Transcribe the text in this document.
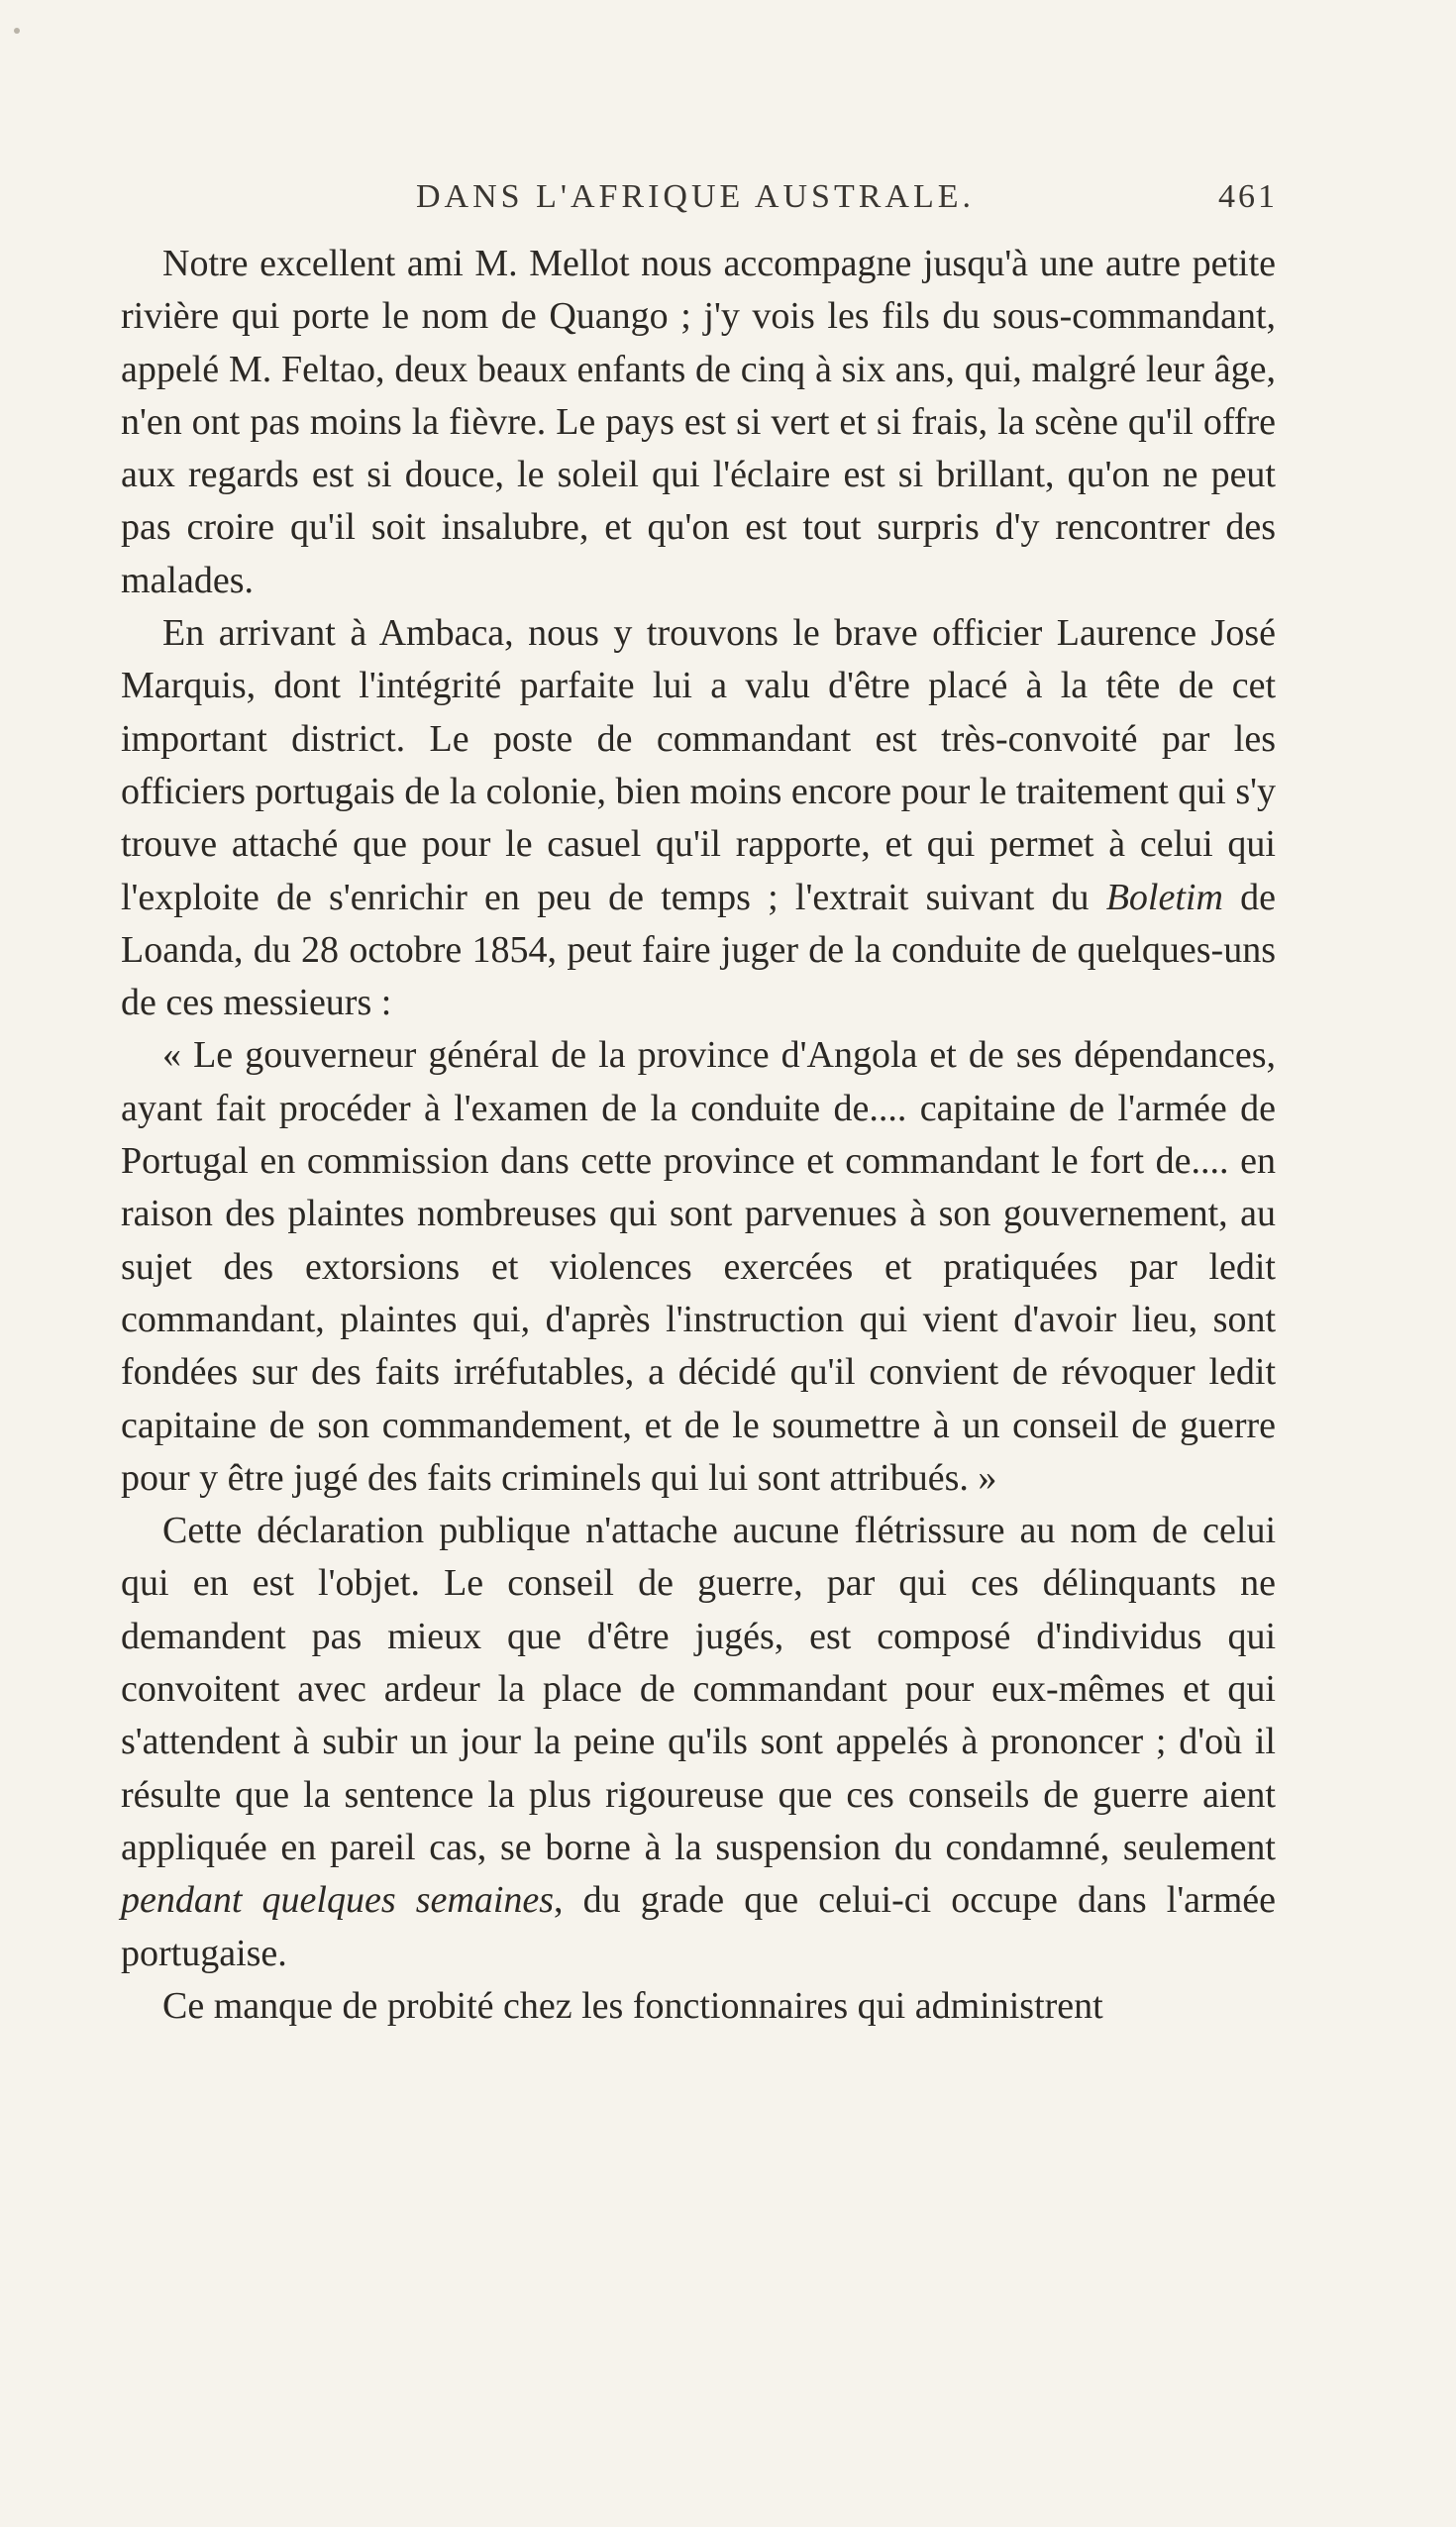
DANS L'AFRIQUE AUSTRALE.	461

Notre excellent ami M. Mellot nous accompagne jusqu'à une autre petite rivière qui porte le nom de Quango ; j'y vois les fils du sous-commandant, appelé M. Feltao, deux beaux enfants de cinq à six ans, qui, malgré leur âge, n'en ont pas moins la fièvre. Le pays est si vert et si frais, la scène qu'il offre aux regards est si douce, le soleil qui l'éclaire est si brillant, qu'on ne peut pas croire qu'il soit insalubre, et qu'on est tout surpris d'y rencontrer des malades.

En arrivant à Ambaca, nous y trouvons le brave officier Laurence José Marquis, dont l'intégrité parfaite lui a valu d'être placé à la tête de cet important district. Le poste de commandant est très-convoité par les officiers portugais de la colonie, bien moins encore pour le traitement qui s'y trouve attaché que pour le casuel qu'il rapporte, et qui permet à celui qui l'exploite de s'enrichir en peu de temps ; l'extrait suivant du Boletim de Loanda, du 28 octobre 1854, peut faire juger de la conduite de quelques-uns de ces messieurs :

« Le gouverneur général de la province d'Angola et de ses dépendances, ayant fait procéder à l'examen de la conduite de.... capitaine de l'armée de Portugal en commission dans cette province et commandant le fort de.... en raison des plaintes nombreuses qui sont parvenues à son gouvernement, au sujet des extorsions et violences exercées et pratiquées par ledit commandant, plaintes qui, d'après l'instruction qui vient d'avoir lieu, sont fondées sur des faits irréfutables, a décidé qu'il convient de révoquer ledit capitaine de son commandement, et de le soumettre à un conseil de guerre pour y être jugé des faits criminels qui lui sont attribués. »

Cette déclaration publique n'attache aucune flétrissure au nom de celui qui en est l'objet. Le conseil de guerre, par qui ces délinquants ne demandent pas mieux que d'être jugés, est composé d'individus qui convoitent avec ardeur la place de commandant pour eux-mêmes et qui s'attendent à subir un jour la peine qu'ils sont appelés à prononcer ; d'où il résulte que la sentence la plus rigoureuse que ces conseils de guerre aient appliquée en pareil cas, se borne à la suspension du condamné, seulement pendant quelques semaines, du grade que celui-ci occupe dans l'armée portugaise.

Ce manque de probité chez les fonctionnaires qui administrent
